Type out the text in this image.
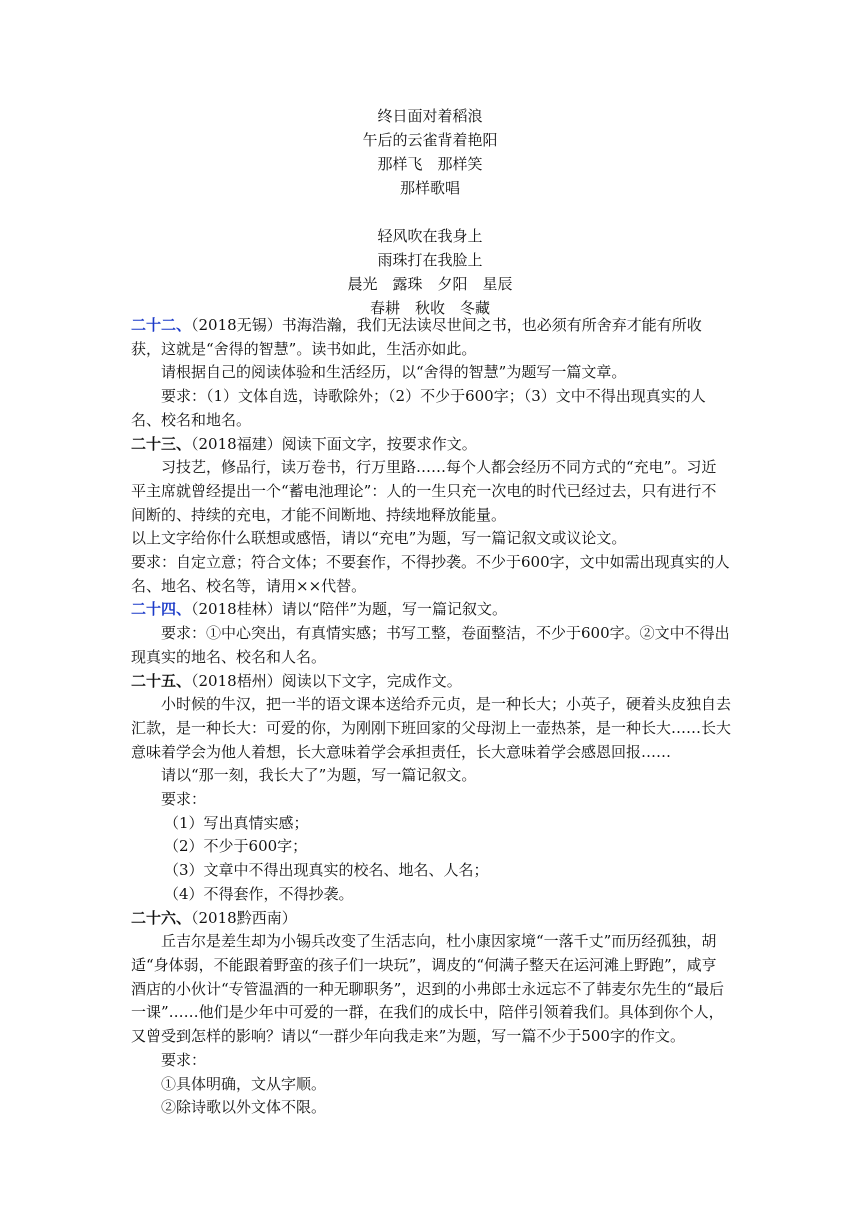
终日面对着稻浪
午后的云雀背着艳阳
那样飞　那样笑
那样歌唱
轻风吹在我身上
雨珠打在我脸上
晨光　露珠　夕阳　星辰
春耕　秋收　冬藏

二十二、（2018无锡）书海浩瀚，我们无法读尽世间之书，也必须有所舍弃才能有所收获，这就是“舍得的智慧”。读书如此，生活亦如此。

请根据自己的阅读体验和生活经历，以“舍得的智慧”为题写一篇文章。

要求：（1）文体自选，诗歌除外；（2）不少于600字；（3）文中不得出现真实的人名、校名和地名。

二十三、（2018福建）阅读下面文字，按要求作文。

习技艺，修品行，读万卷书，行万里路……每个人都会经历不同方式的“充电”。习近平主席就曾经提出一个“蓄电池理论”：人的一生只充一次电的时代已经过去，只有进行不间断的、持续的充电，才能不间断地、持续地释放能量。

以上文字给你什么联想或感悟，请以“充电”为题，写一篇记叙文或议论文。

要求：自定立意；符合文体；不要套作，不得抄袭。不少于600字，文中如需出现真实的人名、地名、校名等，请用××代替。

二十四、（2018桂林）请以“陪伴”为题，写一篇记叙文。

要求：①中心突出，有真情实感；书写工整，卷面整洁，不少于600字。②文中不得出现真实的地名、校名和人名。

二十五、（2018梧州）阅读以下文字，完成作文。

小时候的牛汉，把一半的语文课本送给乔元贞，是一种长大；小英子，硬着头皮独自去汇款，是一种长大：可爱的你，为刚刚下班回家的父母沏上一壶热茶，是一种长大……长大意味着学会为他人着想，长大意味着学会承担责任，长大意味着学会感恩回报……

请以“那一刻，我长大了”为题，写一篇记叙文。

要求：

（1）写出真情实感；

（2）不少于600字；

（3）文章中不得出现真实的校名、地名、人名；

（4）不得套作，不得抄袭。

二十六、（2018黔西南）

丘吉尔是差生却为小锡兵改变了生活志向，杜小康因家境“一落千丈”而历经孤独，胡适“身体弱，不能跟着野蛮的孩子们一块玩”，调皮的“何满子整天在运河滩上野跑”，咸亨酒店的小伙计“专管温酒的一种无聊职务”，迟到的小弗郎士永远忘不了韩麦尔先生的“最后一课”……他们是少年中可爱的一群，在我们的成长中，陪伴引领着我们。具体到你个人，又曾受到怎样的影响？请以“一群少年向我走来”为题，写一篇不少于500字的作文。

要求：

①具体明确，文从字顺。

②除诗歌以外文体不限。
